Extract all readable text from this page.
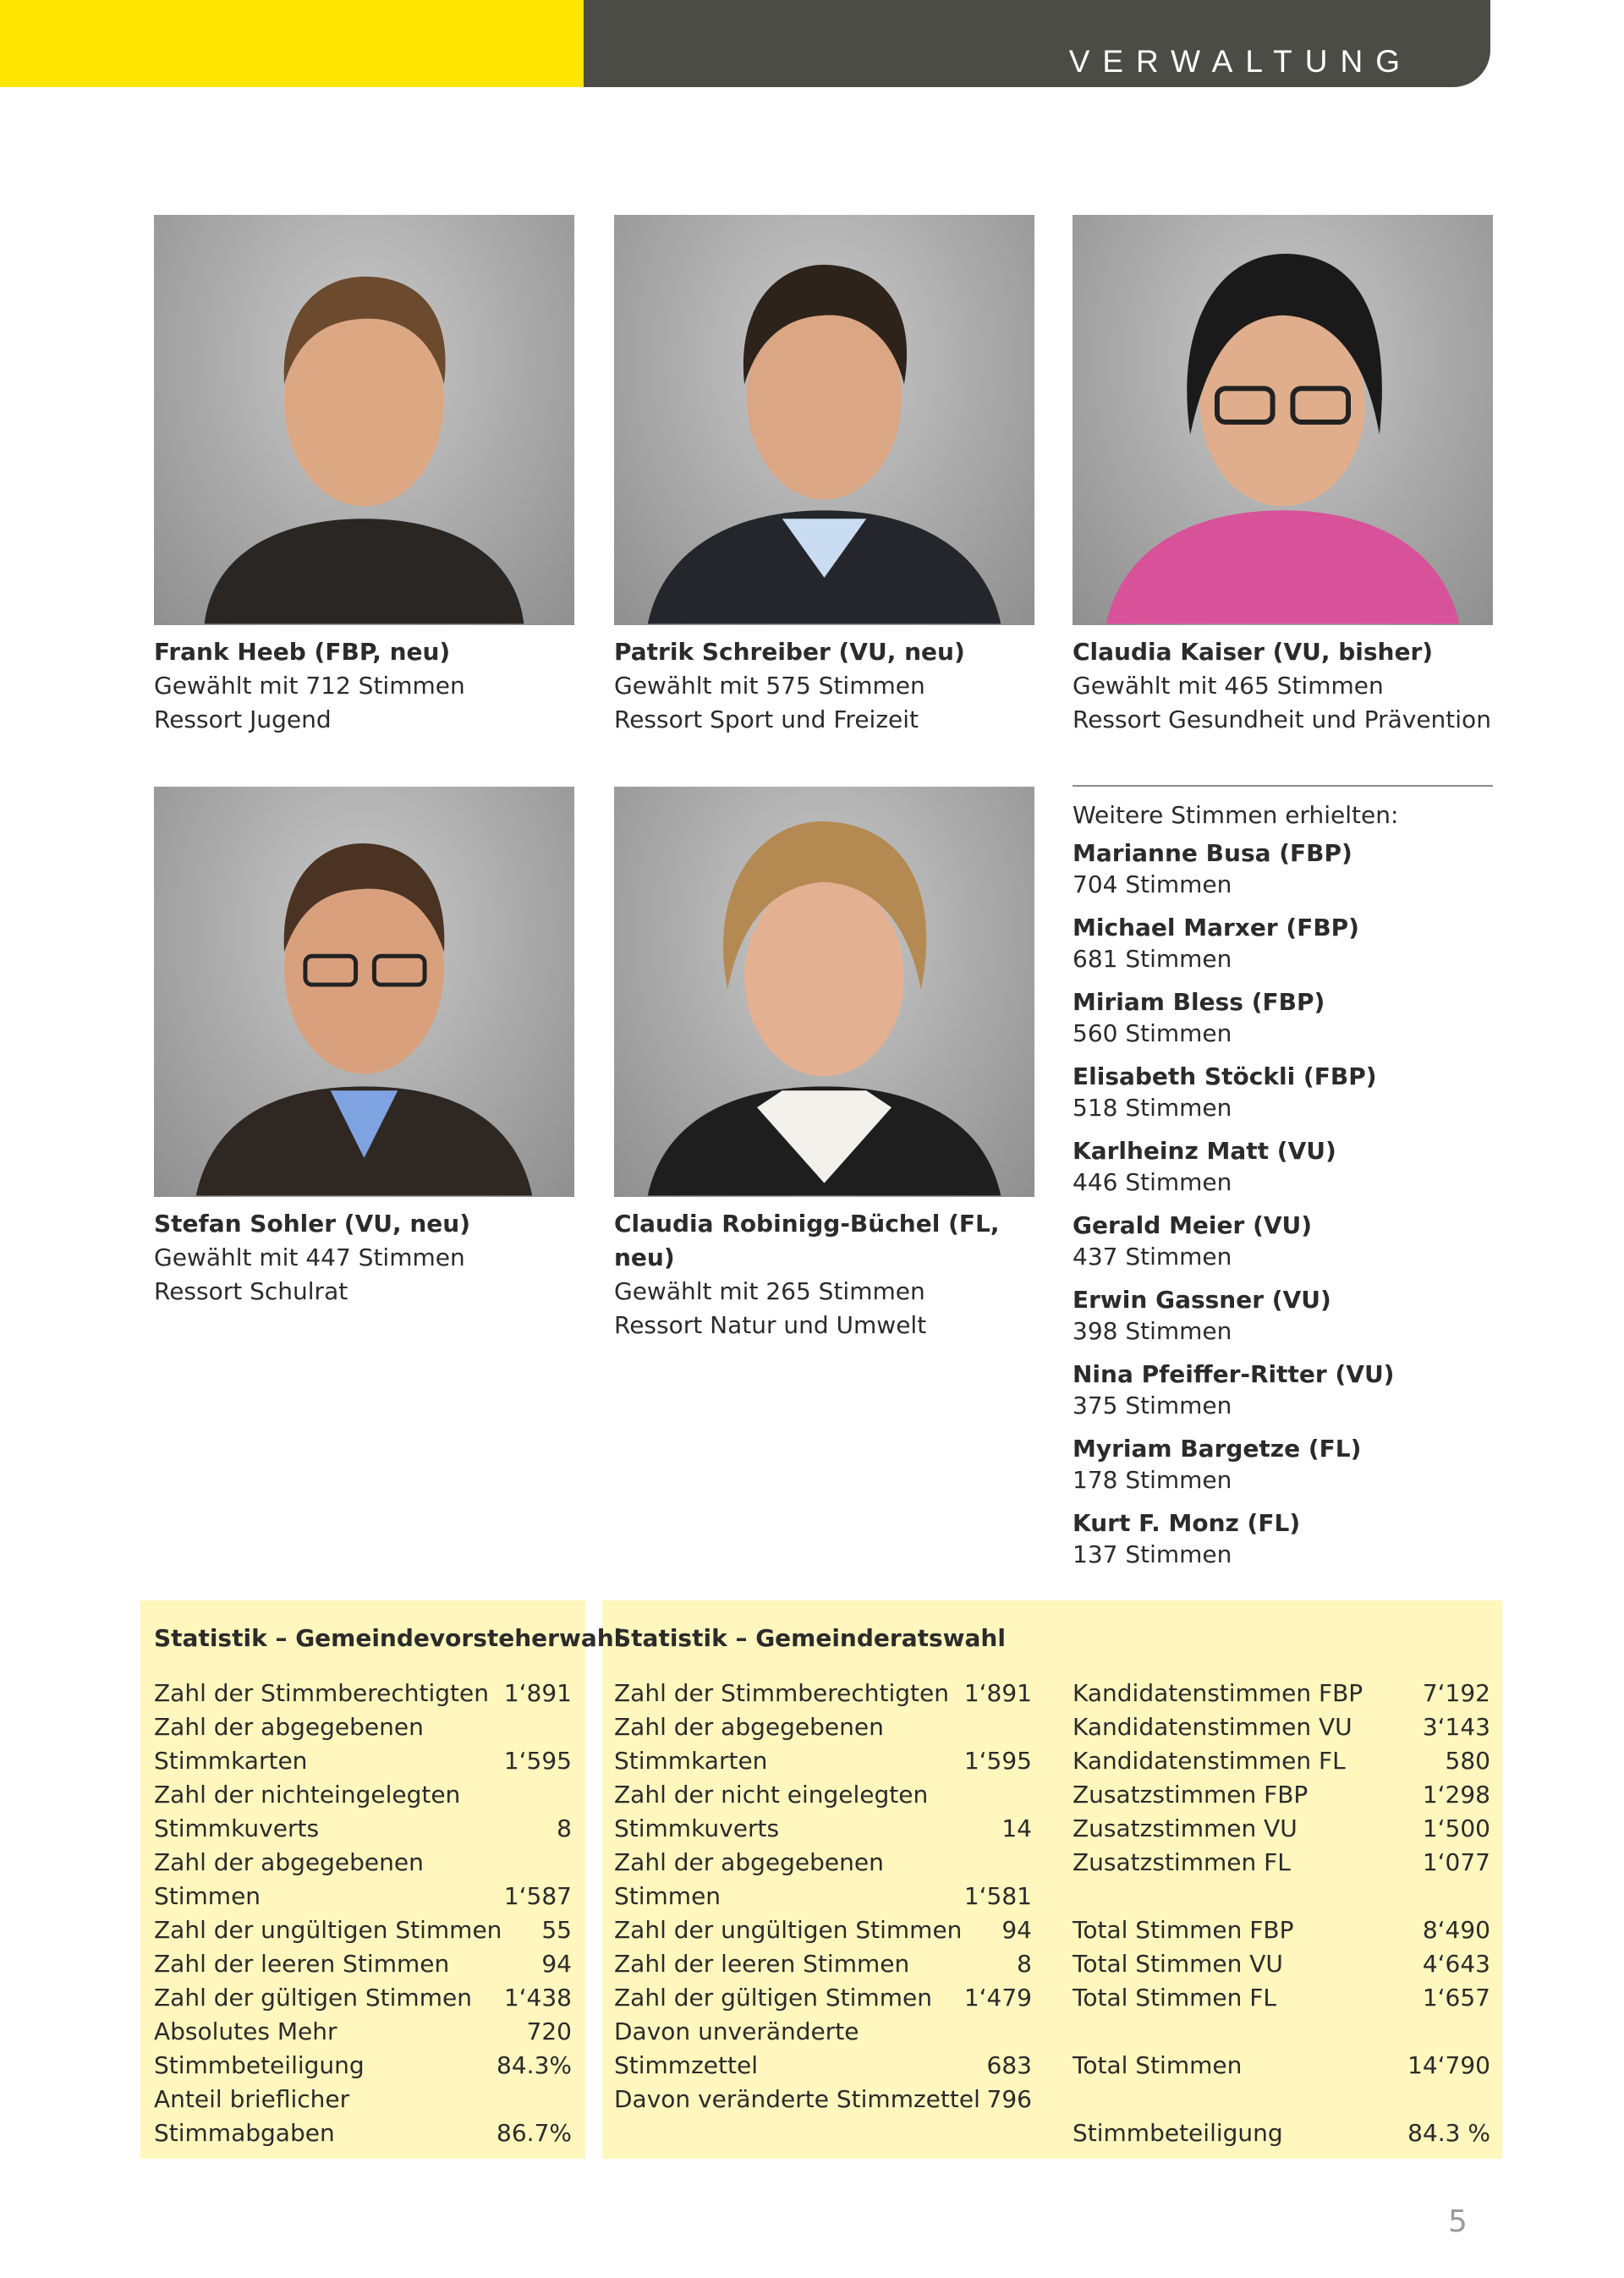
VERWALTUNG
Frank Heeb (FBP, neu)
Gewählt mit 712 Stimmen
Ressort Jugend
Patrik Schreiber (VU, neu)
Gewählt mit 575 Stimmen
Ressort Sport und Freizeit
Claudia Kaiser (VU, bisher)
Gewählt mit 465 Stimmen
Ressort Gesundheit und Prävention
Stefan Sohler (VU, neu)
Gewählt mit 447 Stimmen
Ressort Schulrat
Claudia Robinigg-Büchel (FL, neu)
Gewählt mit 265 Stimmen
Ressort Natur und Umwelt
Weitere Stimmen erhielten:
Marianne Busa (FBP)
704 Stimmen
Michael Marxer (FBP)
681 Stimmen
Miriam Bless (FBP)
560 Stimmen
Elisabeth Stöckli (FBP)
518 Stimmen
Karlheinz Matt (VU)
446 Stimmen
Gerald Meier (VU)
437 Stimmen
Erwin Gassner (VU)
398 Stimmen
Nina Pfeiffer-Ritter (VU)
375 Stimmen
Myriam Bargetze (FL)
178 Stimmen
Kurt F. Monz (FL)
137 Stimmen
Statistik – Gemeindevorsteherwahl
Statistik – Gemeinderatswahl
Zahl der Stimmberechtigten 1‘891
Zahl der abgegebenen
Stimmkarten	1‘595
Zahl der nichteingelegten
Stimmkuverts	8
Zahl der abgegebenen
Stimmen	1‘587
Zahl der ungültigen Stimmen 55
Zahl der leeren Stimmen	94
Zahl der gültigen Stimmen 1‘438
Absolutes Mehr	720
Stimmbeteiligung	84.3%
Anteil brieflicher
Stimmabgaben	86.7%
Zahl der Stimmberechtigten 1‘891
Zahl der abgegebenen
Stimmkarten	1‘595
Zahl der nicht eingelegten
Stimmkuverts	14
Zahl der abgegebenen
Stimmen	1‘581
Zahl der ungültigen Stimmen 94
Zahl der leeren Stimmen	8
Zahl der gültigen Stimmen 1‘479
Davon unveränderte
Stimmzettel	683
Davon veränderte Stimmzettel 796
Kandidatenstimmen FBP	7‘192
Kandidatenstimmen VU	3‘143
Kandidatenstimmen FL	580
Zusatzstimmen FBP	1‘298
Zusatzstimmen VU	1‘500
Zusatzstimmen FL	1‘077
Total Stimmen FBP	8‘490
Total Stimmen VU	4‘643
Total Stimmen FL	1‘657
Total Stimmen	14‘790
Stimmbeteiligung	84.3 %
5
